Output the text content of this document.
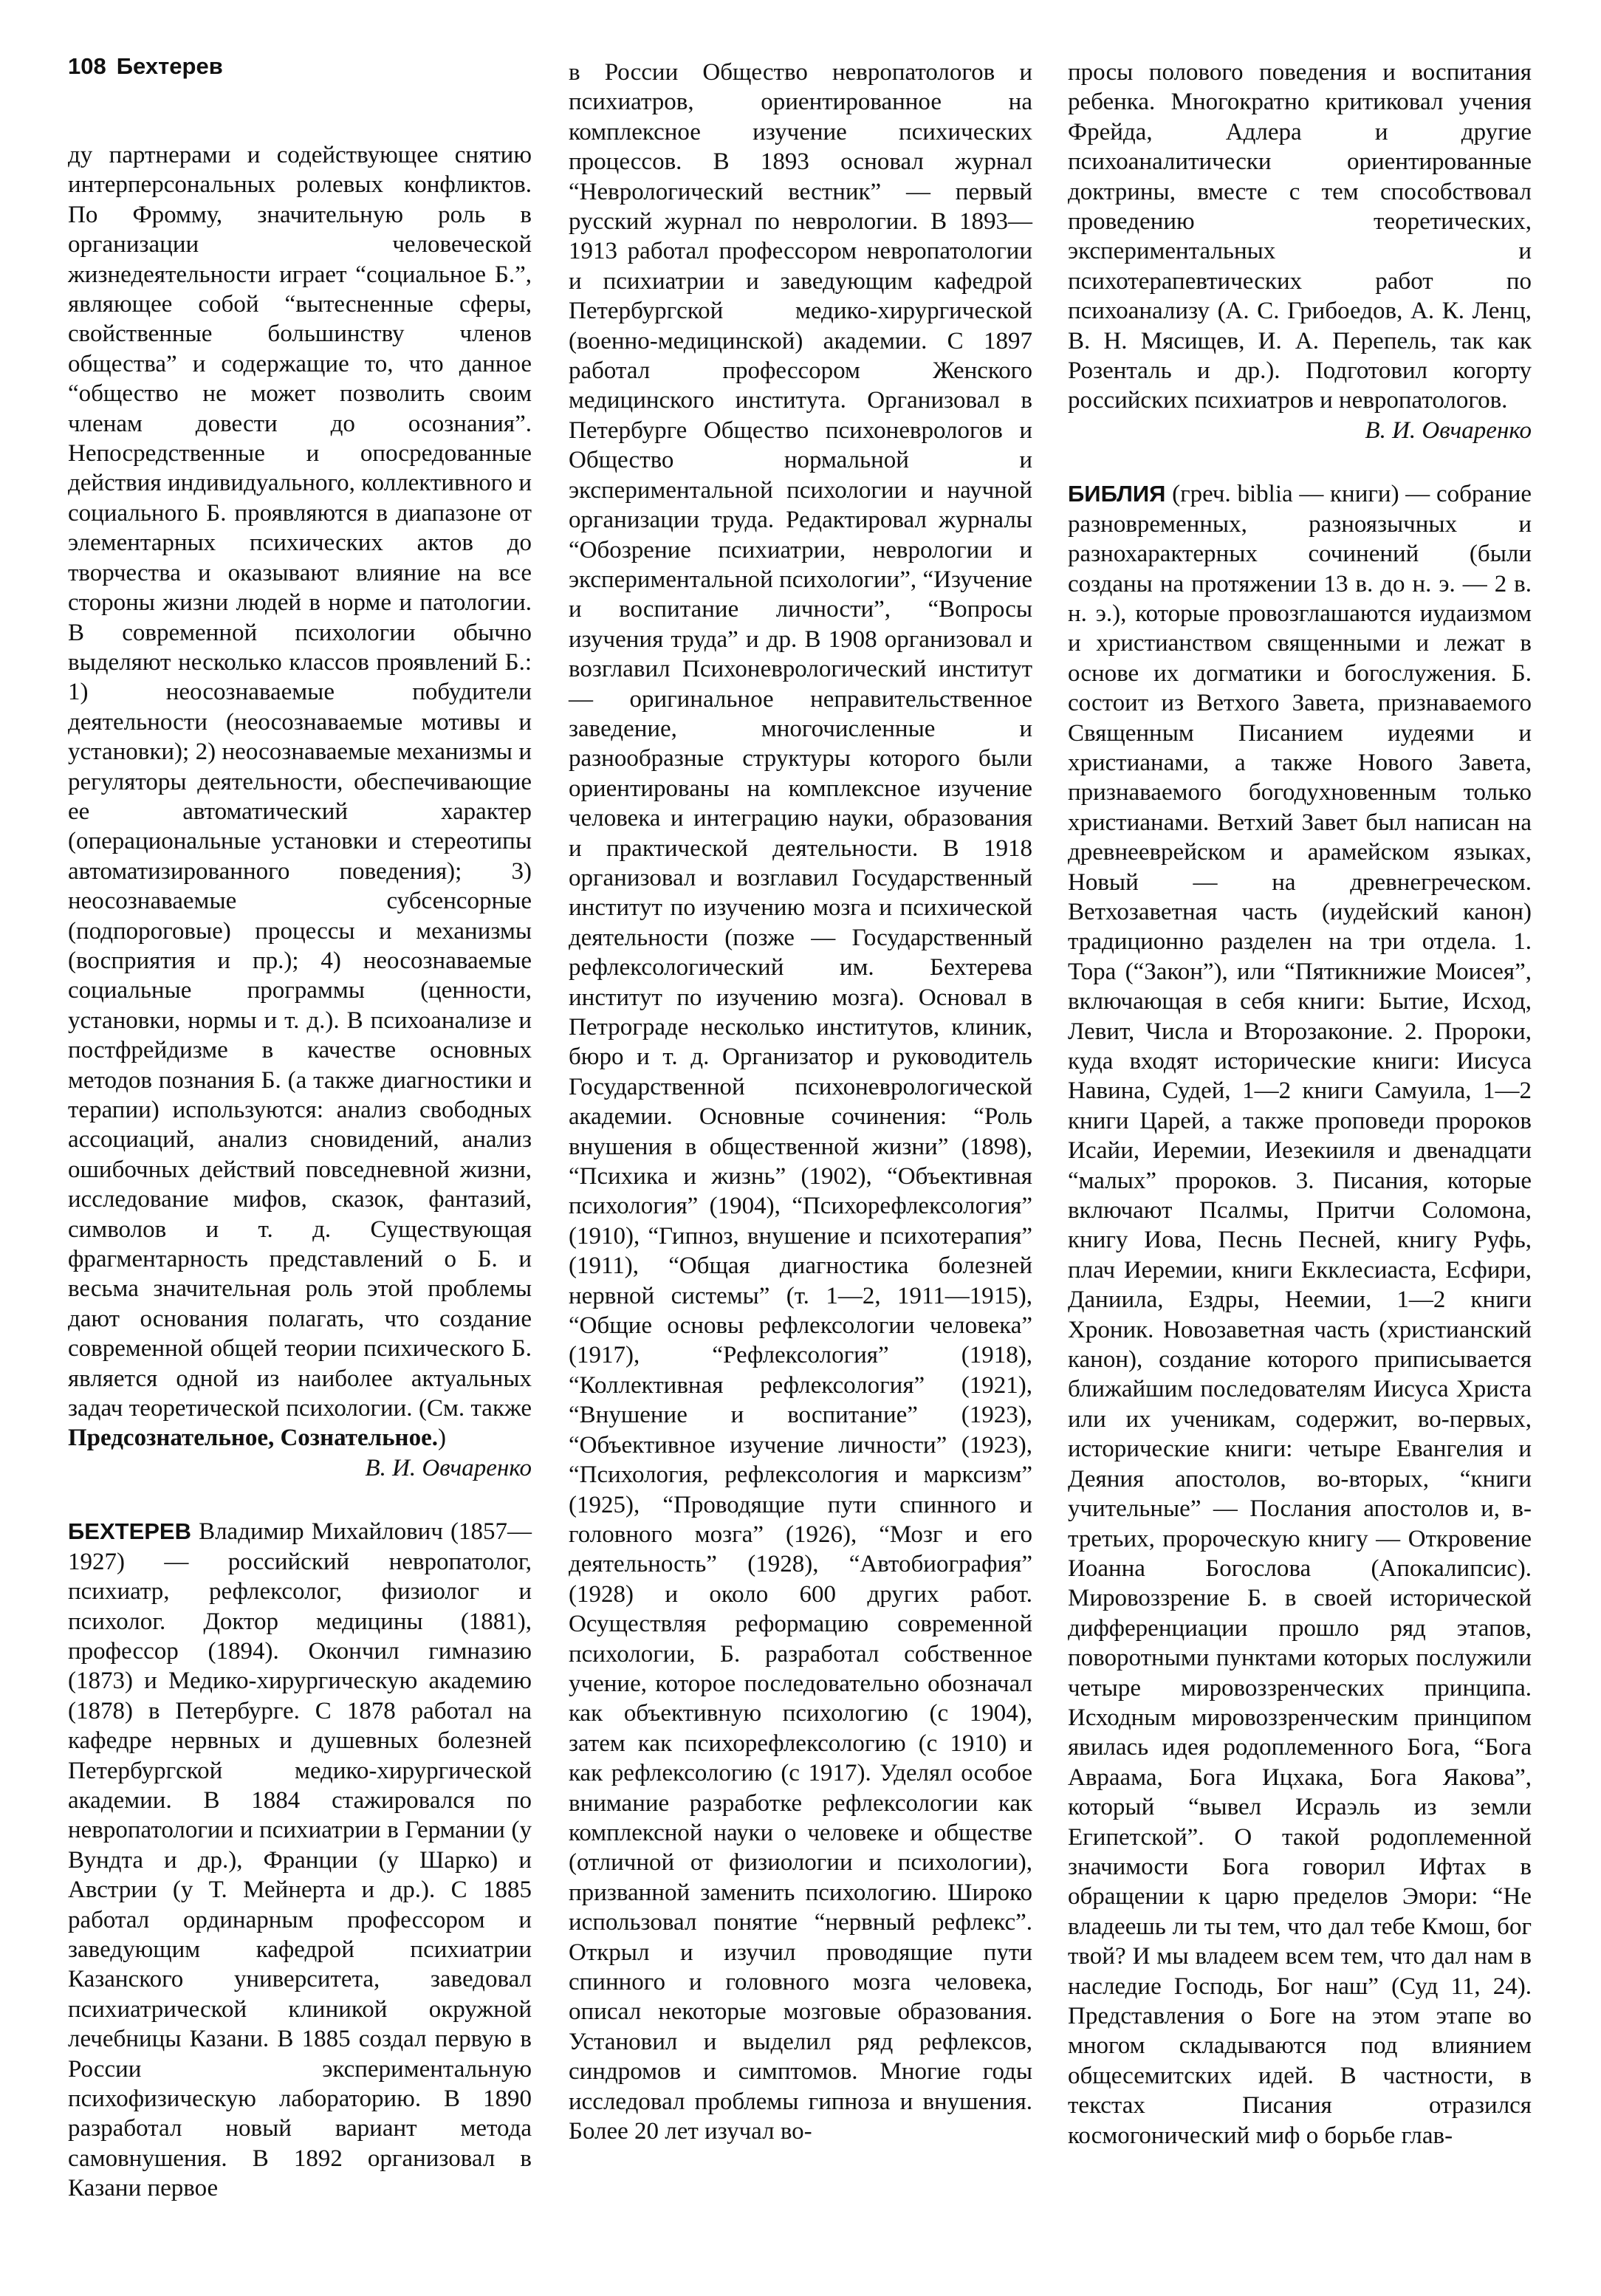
108 Бехтерев

ду партнерами и содействующее снятию интерперсональных ролевых конфликтов. По Фромму, значительную роль в организации человеческой жизнедеятельности играет “социальное Б.”, являющее собой “вытесненные сферы, свойственные большинству членов общества” и содержащие то, что данное “общество не может позволить своим членам довести до осознания”. Непосредственные и опосредованные действия индивидуального, коллективного и социального Б. проявляются в диапазоне от элементарных психических актов до творчества и оказывают влияние на все стороны жизни людей в норме и патологии. В современной психологии обычно выделяют несколько классов проявлений Б.: 1) неосознаваемые побудители деятельности (неосознаваемые мотивы и установки); 2) неосознаваемые механизмы и регуляторы деятельности, обеспечивающие ее автоматический характер (операциональные установки и стереотипы автоматизированного поведения); 3) неосознаваемые субсенсорные (подпороговые) процессы и механизмы (восприятия и пр.); 4) неосознаваемые социальные программы (ценности, установки, нормы и т. д.). В психоанализе и постфрейдизме в качестве основных методов познания Б. (а также диагностики и терапии) используются: анализ свободных ассоциаций, анализ сновидений, анализ ошибочных действий повседневной жизни, исследование мифов, сказок, фантазий, символов и т. д. Существующая фрагментарность представлений о Б. и весьма значительная роль этой проблемы дают основания полагать, что создание современной общей теории психического Б. является одной из наиболее актуальных задач теоретической психологии. (См. также Предсознательное, Сознательное.)

В. И. Овчаренко

БЕХТЕРЕВ Владимир Михайлович (1857—1927) — российский невропатолог, психиатр, рефлексолог, физиолог и психолог. Доктор медицины (1881), профессор (1894). Окончил гимназию (1873) и Медико-хирургическую академию (1878) в Петербурге. С 1878 работал на кафедре нервных и душевных болезней Петербургской медико-хирургической академии. В 1884 стажировался по невропатологии и психиатрии в Германии (у Вундта и др.), Франции (у Шарко) и Австрии (у Т. Мейнерта и др.). С 1885 работал ординарным профессором и заведующим кафедрой психиатрии Казанского университета, заведовал психиатрической клиникой окружной лечебницы Казани. В 1885 создал первую в России экспериментальную психофизическую лабораторию. В 1890 разработал новый вариант метода самовнушения. В 1892 организовал в Казани первое

в России Общество невропатологов и психиатров, ориентированное на комплексное изучение психических процессов. В 1893 основал журнал “Неврологический вестник” — первый русский журнал по неврологии. В 1893—1913 работал профессором невропатологии и психиатрии и заведующим кафедрой Петербургской медико-хирургической (военно-медицинской) академии. С 1897 работал профессором Женского медицинского института. Организовал в Петербурге Общество психоневрологов и Общество нормальной и экспериментальной психологии и научной организации труда. Редактировал журналы “Обозрение психиатрии, неврологии и экспериментальной психологии”, “Изучение и воспитание личности”, “Вопросы изучения труда” и др. В 1908 организовал и возглавил Психоневрологический институт — оригинальное неправительственное заведение, многочисленные и разнообразные структуры которого были ориентированы на комплексное изучение человека и интеграцию науки, образования и практической деятельности. В 1918 организовал и возглавил Государственный институт по изучению мозга и психической деятельности (позже — Государственный рефлексологический им. Бехтерева институт по изучению мозга). Основал в Петрограде несколько институтов, клиник, бюро и т. д. Организатор и руководитель Государственной психоневрологической академии. Основные сочинения: “Роль внушения в общественной жизни” (1898), “Психика и жизнь” (1902), “Объективная психология” (1904), “Психорефлексология” (1910), “Гипноз, внушение и психотерапия” (1911), “Общая диагностика болезней нервной системы” (т. 1—2, 1911—1915), “Общие основы рефлексологии человека” (1917), “Рефлексология” (1918), “Коллективная рефлексология” (1921), “Внушение и воспитание” (1923), “Объективное изучение личности” (1923), “Психология, рефлексология и марксизм” (1925), “Проводящие пути спинного и головного мозга” (1926), “Мозг и его деятельность” (1928), “Автобиография” (1928) и около 600 других работ. Осуществляя реформацию современной психологии, Б. разработал собственное учение, которое последовательно обозначал как объективную психологию (с 1904), затем как психорефлексологию (с 1910) и как рефлексологию (с 1917). Уделял особое внимание разработке рефлексологии как комплексной науки о человеке и обществе (отличной от физиологии и психологии), призванной заменить психологию. Широко использовал понятие “нервный рефлекс”. Открыл и изучил проводящие пути спинного и головного мозга человека, описал некоторые мозговые образования. Установил и выделил ряд рефлексов, синдромов и симптомов. Многие годы исследовал проблемы гипноза и внушения. Более 20 лет изучал во-

просы полового поведения и воспитания ребенка. Многократно критиковал учения Фрейда, Адлера и другие психоаналитически ориентированные доктрины, вместе с тем способствовал проведению теоретических, экспериментальных и психотерапевтических работ по психоанализу (А. С. Грибоедов, А. К. Ленц, В. Н. Мясищев, И. А. Перепель, так как Розенталь и др.). Подготовил когорту российских психиатров и невропатологов.

В. И. Овчаренко

БИБЛИЯ (греч. biblia — книги) — собрание разновременных, разноязычных и разнохарактерных сочинений (были созданы на протяжении 13 в. до н. э. — 2 в. н. э.), которые провозглашаются иудаизмом и христианством священными и лежат в основе их догматики и богослужения. Б. состоит из Ветхого Завета, признаваемого Священным Писанием иудеями и христианами, а также Нового Завета, признаваемого богодухновенным только христианами. Ветхий Завет был написан на древнееврейском и арамейском языках, Новый — на древнегреческом. Ветхозаветная часть (иудейский канон) традиционно разделен на три отдела. 1. Тора (“Закон”), или “Пятикнижие Моисея”, включающая в себя книги: Бытие, Исход, Левит, Числа и Второзаконие. 2. Пророки, куда входят исторические книги: Иисуса Навина, Судей, 1—2 книги Самуила, 1—2 книги Царей, а также проповеди пророков Исайи, Иеремии, Иезекииля и двенадцати “малых” пророков. 3. Писания, которые включают Псалмы, Притчи Соломона, книгу Иова, Песнь Песней, книгу Руфь, плач Иеремии, книги Екклесиаста, Есфири, Даниила, Ездры, Неемии, 1—2 книги Хроник. Новозаветная часть (христианский канон), создание которого приписывается ближайшим последователям Иисуса Христа или их ученикам, содержит, во-первых, исторические книги: четыре Евангелия и Деяния апостолов, во-вторых, “книги учительные” — Послания апостолов и, в-третьих, пророческую книгу — Откровение Иоанна Богослова (Апокалипсис). Мировоззрение Б. в своей исторической дифференциации прошло ряд этапов, поворотными пунктами которых послужили четыре мировоззренческих принципа. Исходным мировоззренческим принципом явилась идея родоплеменного Бога, “Бога Авраама, Бога Ицхака, Бога Яакова”, который “вывел Исраэль из земли Египетской”. О такой родоплеменной значимости Бога говорил Ифтах в обращении к царю пределов Эмори: “Не владеешь ли ты тем, что дал тебе Кмош, бог твой? И мы владеем всем тем, что дал нам в наследие Господь, Бог наш” (Суд 11, 24). Представления о Боге на этом этапе во многом складываются под влиянием общесемитских идей. В частности, в текстах Писания отразился космогонический миф о борьбе глав-
